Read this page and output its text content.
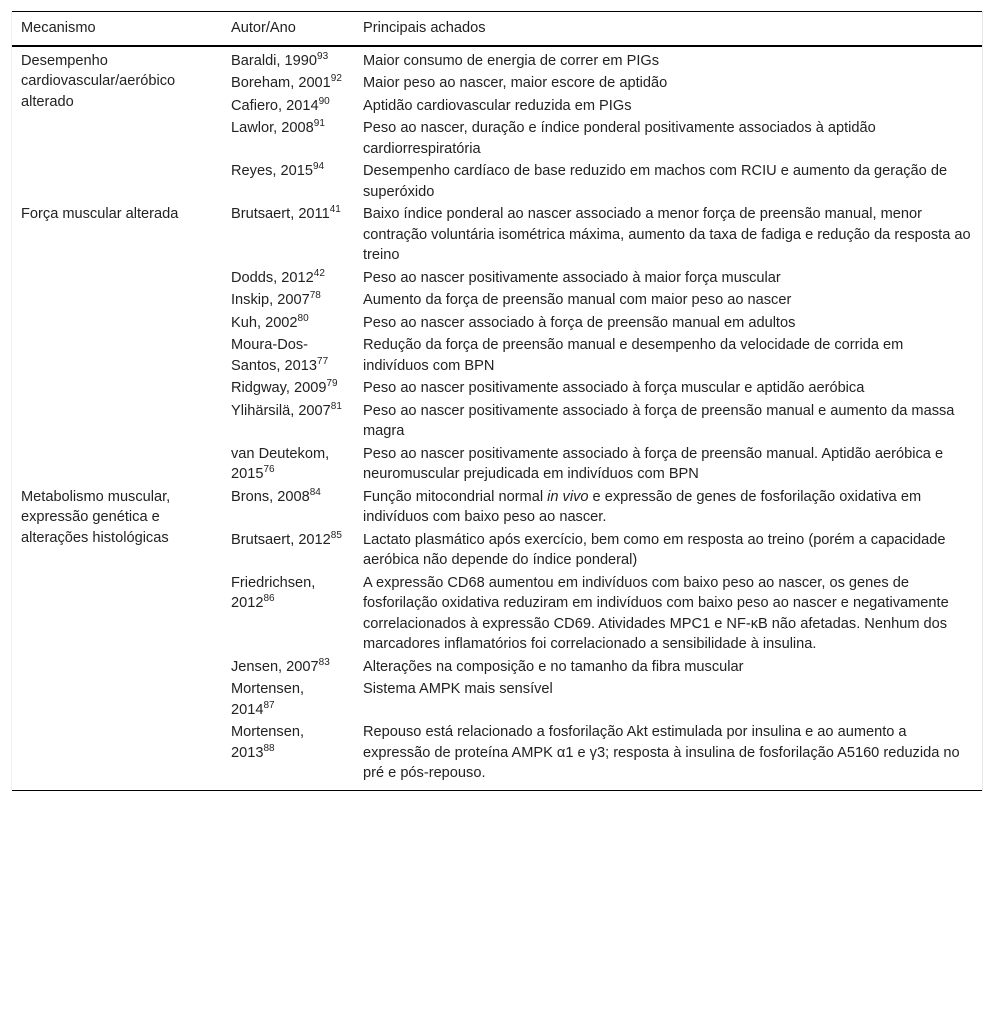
Mecanismo	Autor/Ano	Principais achados
Desempenho cardiovascular/aeróbico alterado	Baraldi, 1990$^{93}$	Maior consumo de energia de correr em PIGs
	Boreham, 2001$^{92}$	Maior peso ao nascer, maior escore de aptidão
	Cafiero, 2014$^{90}$	Aptidão cardiovascular reduzida em PIGs
	Lawlor, 2008$^{91}$	Peso ao nascer, duração e índice ponderal positivamente associados à aptidão cardiorrespiratória
	Reyes, 2015$^{94}$	Desempenho cardíaco de base reduzido em machos com RCIU e aumento da geração de superóxido
Força muscular alterada	Brutsaert, 2011$^{41}$	Baixo índice ponderal ao nascer associado a menor força de preensão manual, menor contração voluntária isométrica máxima, aumento da taxa de fadiga e redução da resposta ao treino
	Dodds, 2012$^{42}$	Peso ao nascer positivamente associado à maior força muscular
	Inskip, 2007$^{78}$	Aumento da força de preensão manual com maior peso ao nascer
	Kuh, 2002$^{80}$	Peso ao nascer associado à força de preensão manual em adultos
	Moura-Dos-Santos, 2013$^{77}$	Redução da força de preensão manual e desempenho da velocidade de corrida em indivíduos com BPN
	Ridgway, 2009$^{79}$	Peso ao nascer positivamente associado à força muscular e aptidão aeróbica
	Ylihärsilä, 2007$^{81}$	Peso ao nascer positivamente associado à força de preensão manual e aumento da massa magra
	van Deutekom, 2015$^{76}$	Peso ao nascer positivamente associado à força de preensão manual. Aptidão aeróbica e neuromuscular prejudicada em indivíduos com BPN
Metabolismo muscular, expressão genética e alterações histológicas	Brons, 2008$^{84}$	Função mitocondrial normal in vivo e expressão de genes de fosforilação oxidativa em indivíduos com baixo peso ao nascer.
	Brutsaert, 2012$^{85}$	Lactato plasmático após exercício, bem como em resposta ao treino (porém a capacidade aeróbica não depende do índice ponderal)
	Friedrichsen, 2012$^{86}$	A expressão CD68 aumentou em indivíduos com baixo peso ao nascer, os genes de fosforilação oxidativa reduziram em indivíduos com baixo peso ao nascer e negativamente correlacionados à expressão CD69. Atividades MPC1 e NF-κB não afetadas. Nenhum dos marcadores inflamatórios foi correlacionado a sensibilidade à insulina.
	Jensen, 2007$^{83}$	Alterações na composição e no tamanho da fibra muscular
	Mortensen, 2014$^{87}$	Sistema AMPK mais sensível
	Mortensen, 2013$^{88}$	Repouso está relacionado a fosforilação Akt estimulada por insulina e ao aumento a expressão de proteína AMPK α1 e γ3; resposta à insulina de fosforilação A5160 reduzida no pré e pós-repouso.
